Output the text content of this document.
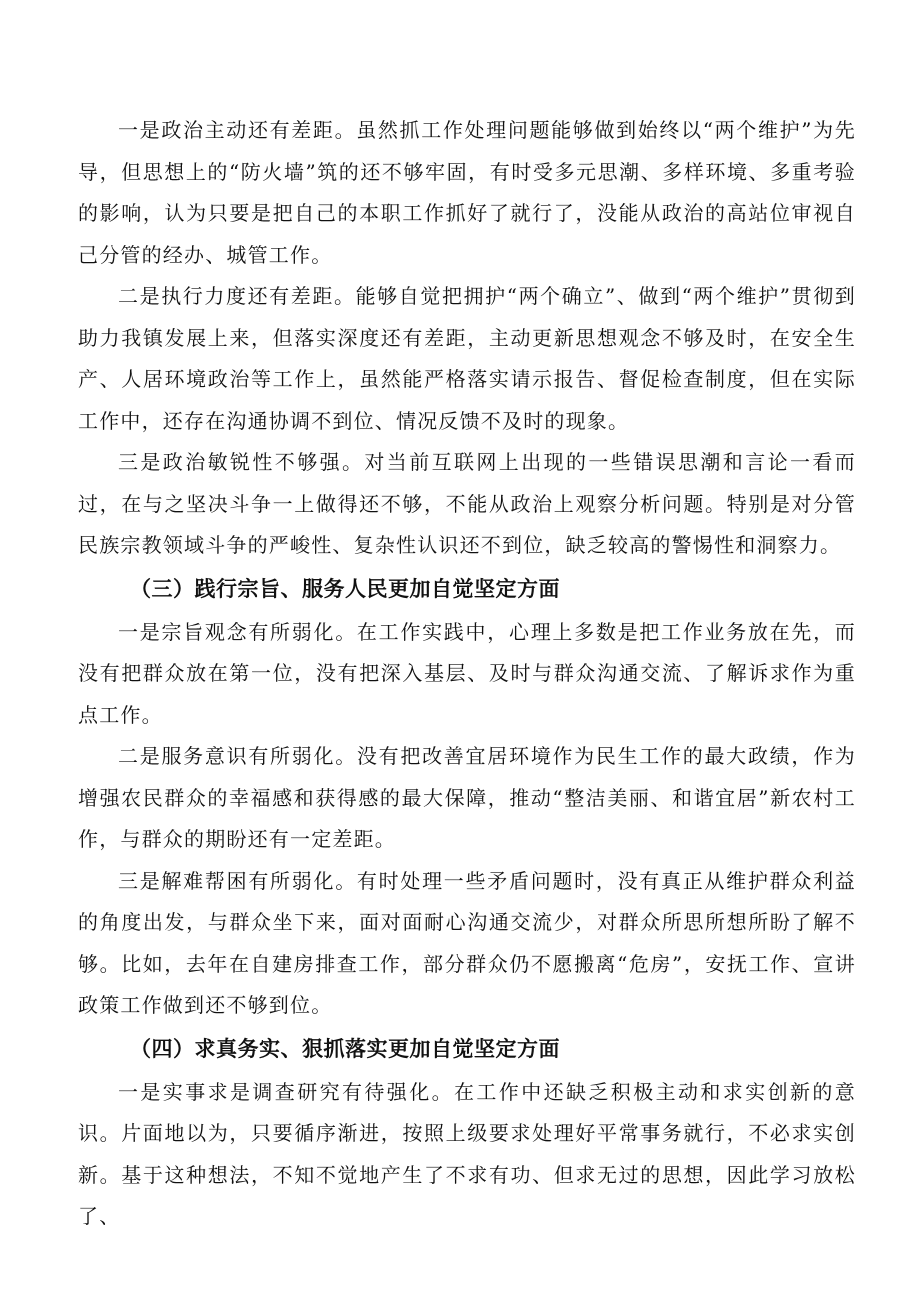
一是政治主动还有差距。虽然抓工作处理问题能够做到始终以“两个维护”为先导，但思想上的“防火墙”筑的还不够牢固，有时受多元思潮、多样环境、多重考验的影响，认为只要是把自己的本职工作抓好了就行了，没能从政治的高站位审视自己分管的经办、城管工作。

二是执行力度还有差距。能够自觉把拥护“两个确立”、做到“两个维护”贯彻到助力我镇发展上来，但落实深度还有差距，主动更新思想观念不够及时，在安全生产、人居环境政治等工作上，虽然能严格落实请示报告、督促检查制度，但在实际工作中，还存在沟通协调不到位、情况反馈不及时的现象。

三是政治敏锐性不够强。对当前互联网上出现的一些错误思潮和言论一看而过，在与之坚决斗争一上做得还不够，不能从政治上观察分析问题。特别是对分管民族宗教领域斗争的严峻性、复杂性认识还不到位，缺乏较高的警惕性和洞察力。

（三）践行宗旨、服务人民更加自觉坚定方面

一是宗旨观念有所弱化。在工作实践中，心理上多数是把工作业务放在先，而没有把群众放在第一位，没有把深入基层、及时与群众沟通交流、了解诉求作为重点工作。

二是服务意识有所弱化。没有把改善宜居环境作为民生工作的最大政绩，作为增强农民群众的幸福感和获得感的最大保障，推动“整洁美丽、和谐宜居”新农村工作，与群众的期盼还有一定差距。

三是解难帮困有所弱化。有时处理一些矛盾问题时，没有真正从维护群众利益的角度出发，与群众坐下来，面对面耐心沟通交流少，对群众所思所想所盼了解不够。比如，去年在自建房排查工作，部分群众仍不愿搬离“危房”，安抚工作、宣讲政策工作做到还不够到位。

（四）求真务实、狠抓落实更加自觉坚定方面

一是实事求是调查研究有待强化。在工作中还缺乏积极主动和求实创新的意识。片面地以为，只要循序渐进，按照上级要求处理好平常事务就行，不必求实创新。基于这种想法，不知不觉地产生了不求有功、但求无过的思想，因此学习放松了、
